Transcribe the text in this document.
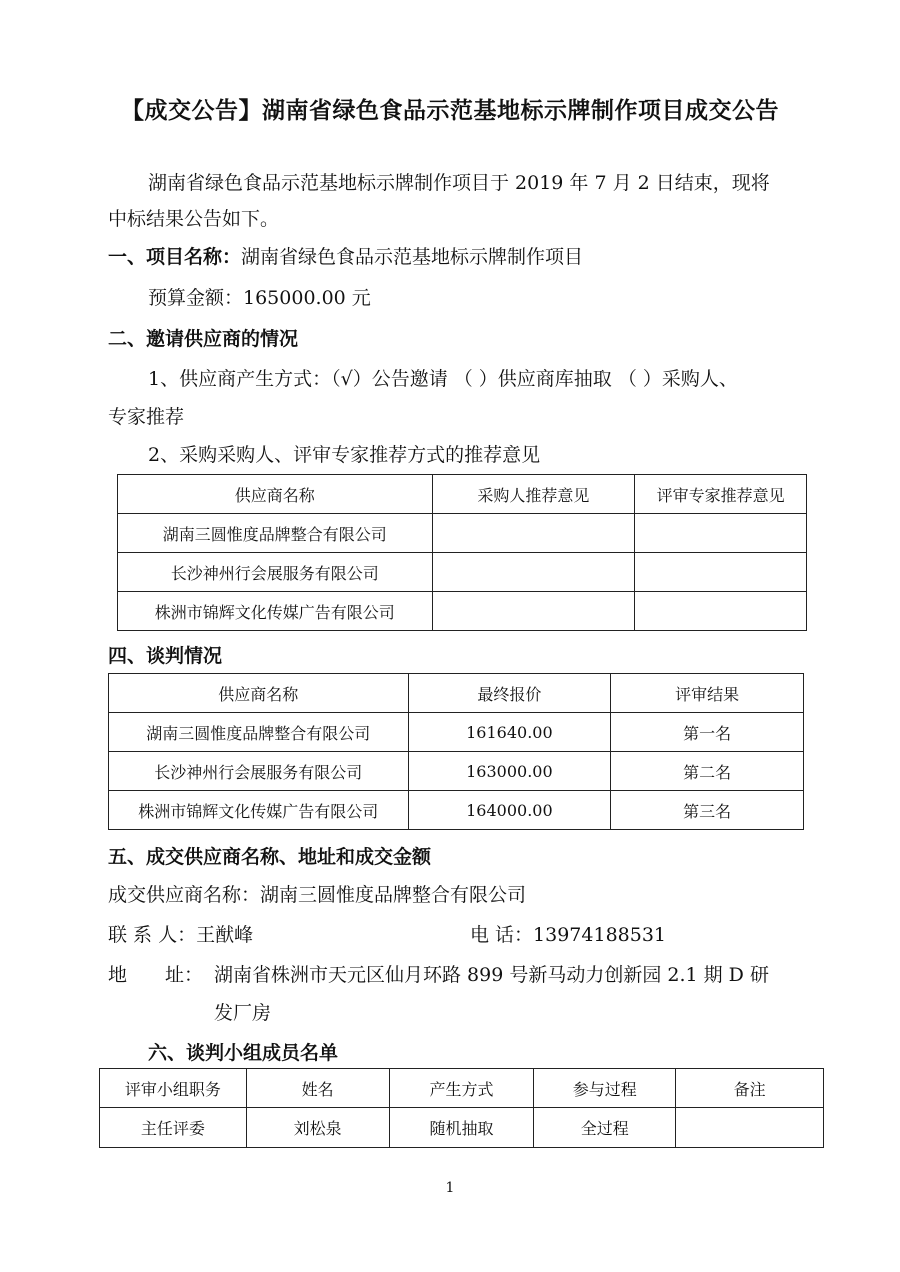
【成交公告】湖南省绿色食品示范基地标示牌制作项目成交公告
湖南省绿色食品示范基地标示牌制作项目于 2019 年 7 月 2 日结束，现将
中标结果公告如下。
一、项目名称：湖南省绿色食品示范基地标示牌制作项目
预算金额：165000.00 元
二、邀请供应商的情况
1、供应商产生方式：（√）公告邀请 （ ）供应商库抽取 （ ）采购人、
专家推荐
2、采购采购人、评审专家推荐方式的推荐意见
供应商名称	采购人推荐意见	评审专家推荐意见
湖南三圆惟度品牌整合有限公司		
长沙神州行会展服务有限公司		
株洲市锦辉文化传媒广告有限公司		
四、谈判情况
供应商名称	最终报价	评审结果
湖南三圆惟度品牌整合有限公司	161640.00	第一名
长沙神州行会展服务有限公司	163000.00	第二名
株洲市锦辉文化传媒广告有限公司	164000.00	第三名
五、成交供应商名称、地址和成交金额
成交供应商名称：湖南三圆惟度品牌整合有限公司
联 系 人：王猷峰	电 话：13974188531
地　　址： 湖南省株洲市天元区仙月环路 899 号新马动力创新园 2.1 期 D 研
发厂房
六、谈判小组成员名单
评审小组职务	姓名	产生方式	参与过程	备注
主任评委	刘松泉	随机抽取	全过程	
1
